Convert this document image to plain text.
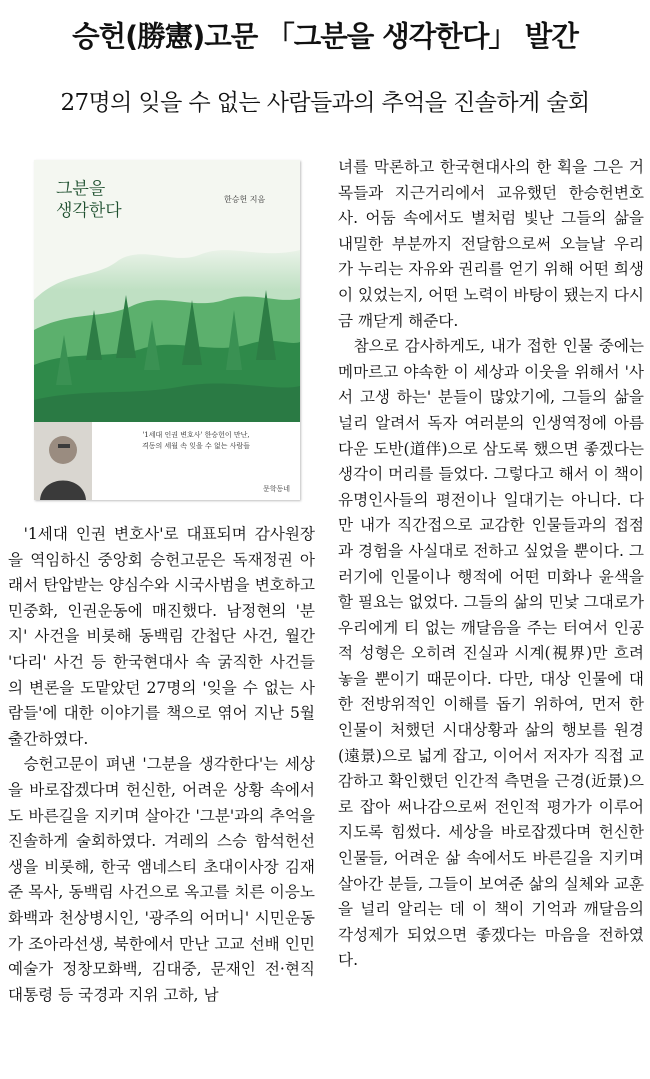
승헌(勝憲)고문 「그분을 생각한다」 발간
27명의 잊을 수 없는 사람들과의 추억을 진솔하게 술회
그분을
생각한다
한승헌 지음
'1세대 인권 변호사' 한승헌이 만난,
격동의 세월 속 잊을 수 없는 사람들
문학동네

'1세대 인권 변호사'로 대표되며 감사원장을 역임하신 중앙회 승헌고문은 독재정권 아래서 탄압받는 양심수와 시국사범을 변호하고 민중화, 인권운동에 매진했다. 남정현의 '분지' 사건을 비롯해 동백림 간첩단 사건, 월간 '다리' 사건 등 한국현대사 속 굵직한 사건들의 변론을 도맡았던 27명의 '잊을 수 없는 사람들'에 대한 이야기를 책으로 엮어 지난 5월 출간하였다.

승헌고문이 펴낸 '그분을 생각한다'는 세상을 바로잡겠다며 헌신한, 어려운 상황 속에서도 바른길을 지키며 살아간 '그분'과의 추억을 진솔하게 술회하였다. 겨레의 스승 함석헌선생을 비롯해, 한국 앰네스티 초대이사장 김재준 목사, 동백림 사건으로 옥고를 치른 이응노화백과 천상병시인, '광주의 어머니' 시민운동가 조아라선생, 북한에서 만난 고교 선배 인민예술가 정창모화백, 김대중, 문재인 전·현직 대통령 등 국경과 지위 고하, 남

녀를 막론하고 한국현대사의 한 획을 그은 거목들과 지근거리에서 교유했던 한승헌변호사. 어둠 속에서도 별처럼 빛난 그들의 삶을 내밀한 부분까지 전달함으로써 오늘날 우리가 누리는 자유와 권리를 얻기 위해 어떤 희생이 있었는지, 어떤 노력이 바탕이 됐는지 다시금 깨닫게 해준다.

참으로 감사하게도, 내가 접한 인물 중에는 메마르고 야속한 이 세상과 이웃을 위해서 '사서 고생 하는' 분들이 많았기에, 그들의 삶을 널리 알려서 독자 여러분의 인생역정에 아름다운 도반(道伴)으로 삼도록 했으면 좋겠다는 생각이 머리를 들었다. 그렇다고 해서 이 책이 유명인사들의 평전이나 일대기는 아니다. 다만 내가 직간접으로 교감한 인물들과의 접점과 경험을 사실대로 전하고 싶었을 뿐이다. 그러기에 인물이나 행적에 어떤 미화나 윤색을 할 필요는 없었다. 그들의 삶의 민낯 그대로가 우리에게 티 없는 깨달음을 주는 터여서 인공적 성형은 오히려 진실과 시계(視界)만 흐려놓을 뿐이기 때문이다. 다만, 대상 인물에 대한 전방위적인 이해를 돕기 위하여, 먼저 한 인물이 처했던 시대상황과 삶의 행보를 원경(遠景)으로 넓게 잡고, 이어서 저자가 직접 교감하고 확인했던 인간적 측면을 근경(近景)으로 잡아 써나감으로써 전인적 평가가 이루어지도록 힘썼다. 세상을 바로잡겠다며 헌신한 인물들, 어려운 삶 속에서도 바른길을 지키며 살아간 분들, 그들이 보여준 삶의 실체와 교훈을 널리 알리는 데 이 책이 기억과 깨달음의 각성제가 되었으면 좋겠다는 마음을 전하였다.
